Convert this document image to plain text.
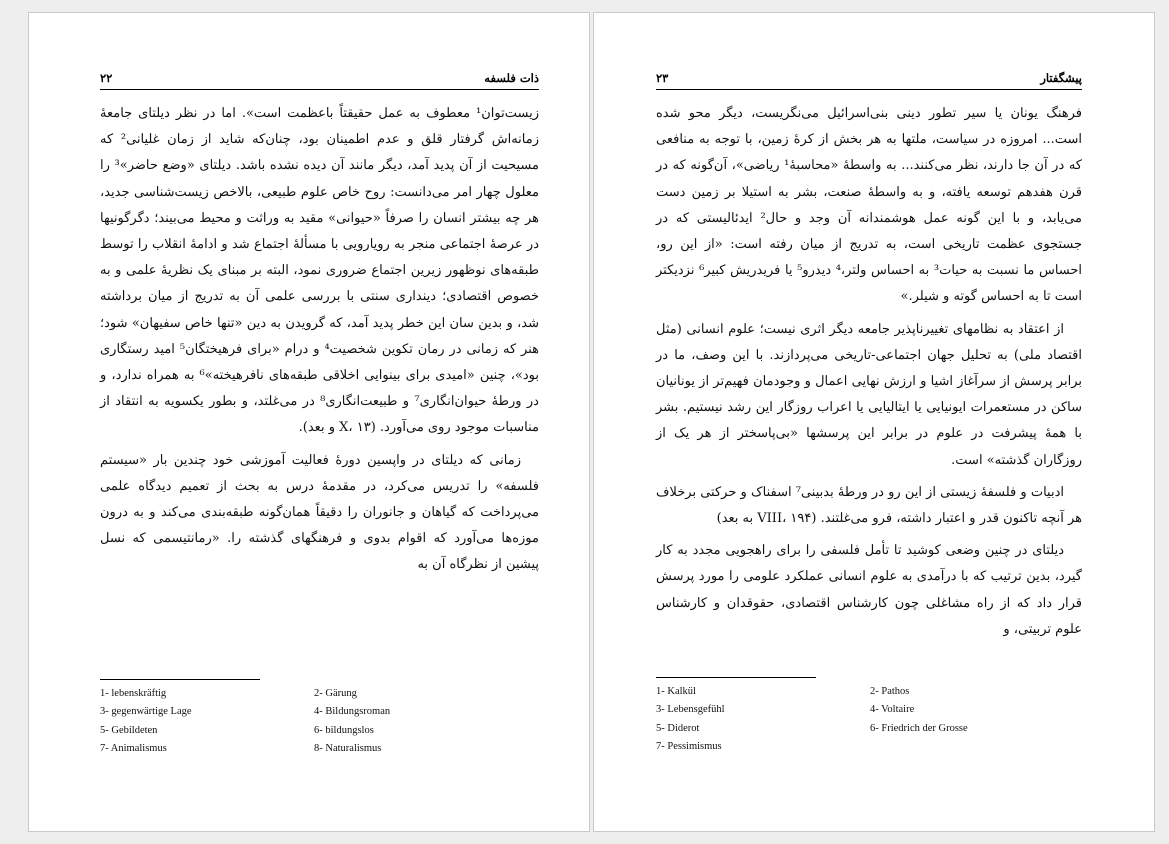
ذات فلسفه
۲۲

زیست‌توان¹ معطوف به عمل حقیقتاً باعظمت است». اما در نظر دیلتای جامعهٔ زمانه‌اش گرفتار قلق و عدم اطمینان بود، چنان‌که شاید از زمان غلیانی² که مسیحیت از آن پدید آمد، دیگر مانند آن دیده نشده باشد. دیلتای «وضع حاضر»³ را معلول چهار امر می‌دانست: روح خاص علوم طبیعی، بالاخص زیست‌شناسی جدید، هر چه بیشتر انسان را صرفاً «حیوانی» مقید به وراثت و محیط می‌بیند؛ دگرگونیها در عرصهٔ اجتماعی منجر به رویارویی با مسألهٔ اجتماع شد و ادامهٔ انقلاب را توسط طبقه‌های نوظهور زیرین اجتماع ضروری نمود، البته بر مبنای یک نظریهٔ علمی و به خصوص اقتصادی؛ دینداری سنتی با بررسی علمی آن به تدریج از میان برداشته شد، و بدین سان این خطر پدید آمد، که گرویدن به دین «تنها خاص سفیهان» شود؛ هنر که زمانی در رمان تکوین شخصیت⁴ و درام «برای فرهیختگان⁵ امید رستگاری بود»، چنین «امیدی برای بینوایی اخلاقی طبقه‌های نافرهیخته»⁶ به همراه ندارد، و در ورطهٔ حیوان‌انگاری⁷ و طبیعت‌انگاری⁸ در می‌غلتد، و بطور یکسویه به انتقاد از مناسبات موجود روی می‌آورد. (X، ۱۳ و بعد).

زمانی که دیلتای در واپسین دورهٔ فعالیت آموزشی خود چندین بار «سیستم فلسفه» را تدریس می‌کرد، در مقدمهٔ درس به بحث از تعمیم دیدگاه علمی می‌پرداخت که گیاهان و جانوران را دقیقاً همان‌گونه طبقه‌بندی می‌کند و به درون موزه‌ها می‌آورد که اقوام بدوی و فرهنگهای گذشته را. «رمانتیسمی که نسل پیشین از نظرگاه آن به

1- lebenskräftig	2- Gärung
3- gegenwärtige Lage	4- Bildungsroman
5- Gebildeten	6- bildungslos
7- Animalismus	8- Naturalismus
پیشگفتار
۲۳

فرهنگ یونان یا سیر تطور دینی بنی‌اسرائیل می‌نگریست، دیگر محو شده است... امروزه در سیاست، ملتها به هر بخش از کرهٔ زمین، با توجه به منافعی که در آن جا دارند، نظر می‌کنند... به واسطهٔ «محاسبهٔ¹ ریاضی»، آن‌گونه که در قرن هفدهم توسعه یافته، و به واسطهٔ صنعت، بشر به استیلا بر زمین دست می‌یابد، و با این گونه عمل هوشمندانه آن وجد و حال² ایدئالیستی که در جستجوی عظمت تاریخی است، به تدریج از میان رفته است: «از این رو، احساس ما نسبت به حیات³ به احساس ولتر،⁴ دیدرو⁵ یا فریدریش کبیر⁶ نزدیکتر است تا به احساس گوته و شیلر.»

از اعتقاد به نظامهای تغییرناپذیر جامعه دیگر اثری نیست؛ علوم انسانی (مثل اقتصاد ملی) به تحلیل جهان اجتماعی-تاریخی می‌پردازند. با این وصف، ما در برابر پرسش از سرآغاز اشیا و ارزش نهایی اعمال و وجودمان فهیم‌تر از یونانیان ساکن در مستعمرات ایونیایی یا ایتالیایی یا اعراب روزگار این رشد نیستیم. بشر با همهٔ پیشرفت در علوم در برابر این پرسشها «بی‌پاسختر از هر یک از روزگاران گذشته» است.

ادبیات و فلسفهٔ زیستی از این رو در ورطهٔ بدبینی⁷ اسفناک و حرکتی برخلاف هر آنچه تاکنون قدر و اعتبار داشته، فرو می‌غلتند. (VIII، ۱۹۴ به بعد)

دیلتای در چنین وضعی کوشید تا تأمل فلسفی را برای راهجویی مجدد به کار گیرد، بدین ترتیب که با درآمدی به علوم انسانی عملکرد علومی را مورد پرسش قرار داد که از راه مشاغلی چون کارشناس اقتصادی، حقوقدان و کارشناس علوم تربیتی، و

1- Kalkül	2- Pathos
3- Lebensgefühl	4- Voltaire
5- Diderot	6- Friedrich der Grosse
7- Pessimismus
